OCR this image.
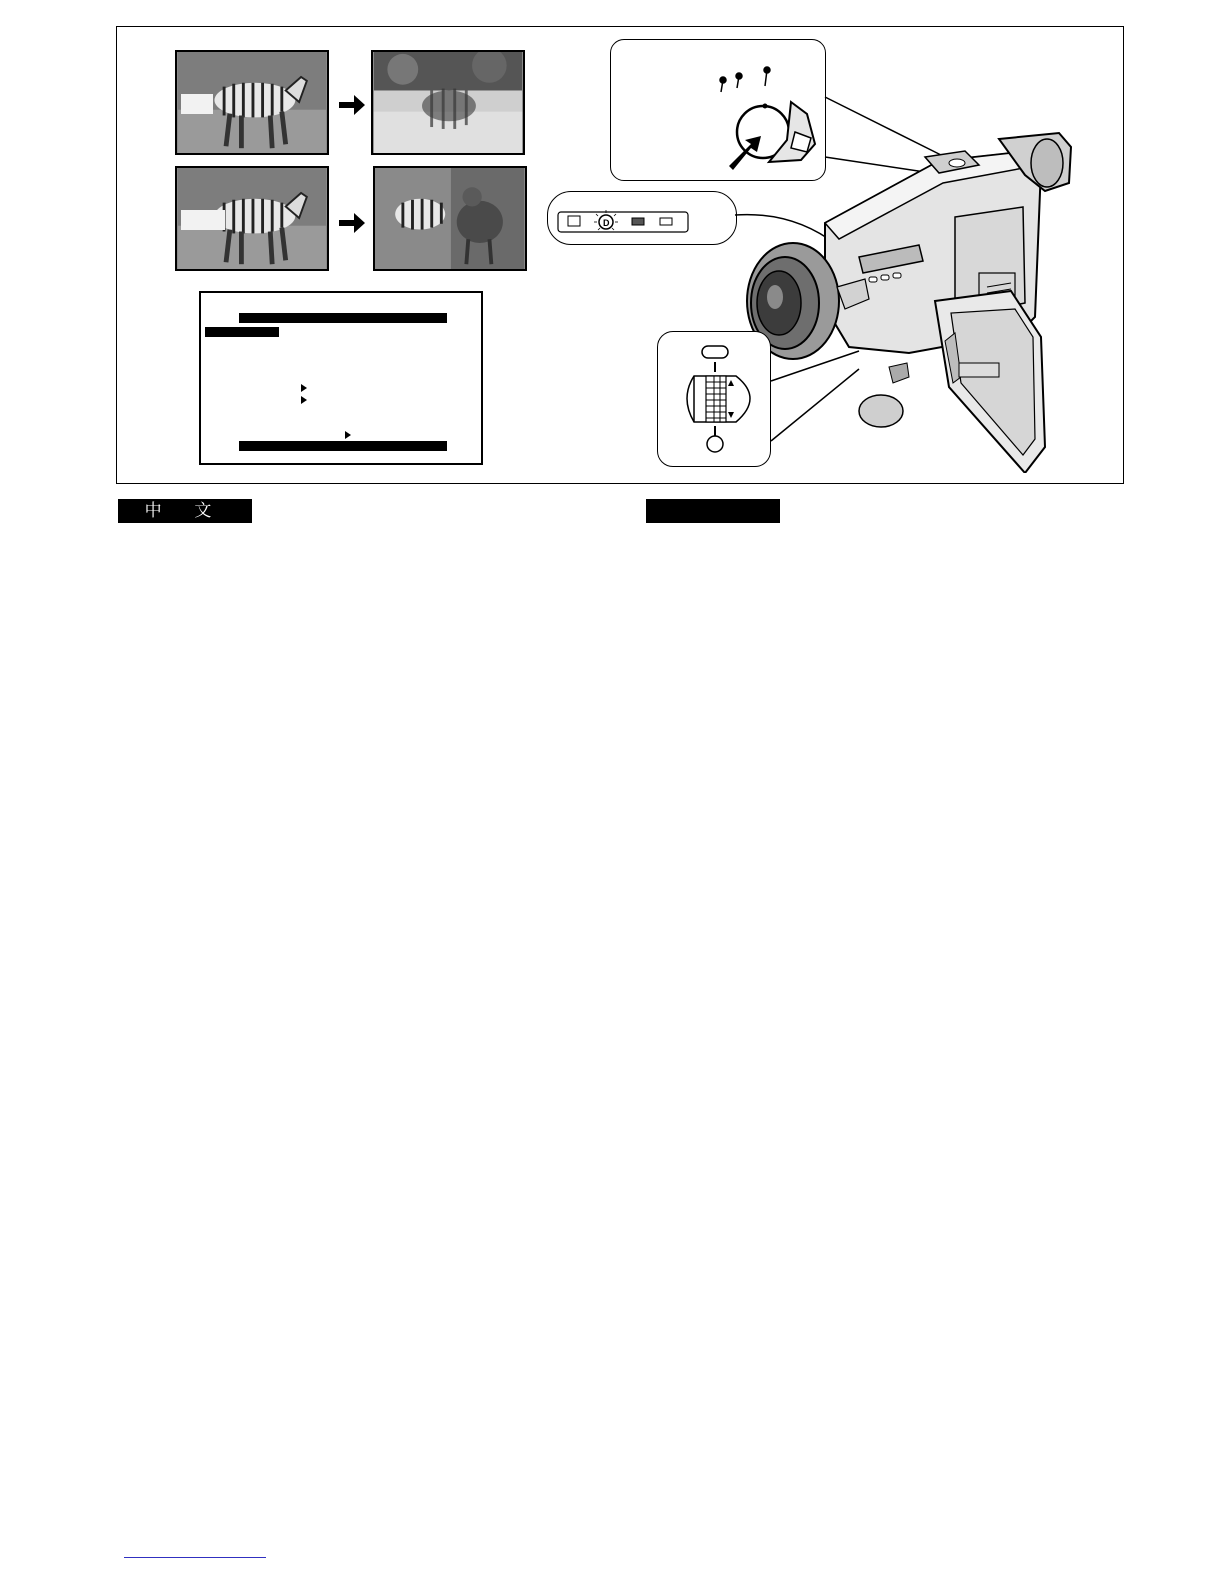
D
中 文
